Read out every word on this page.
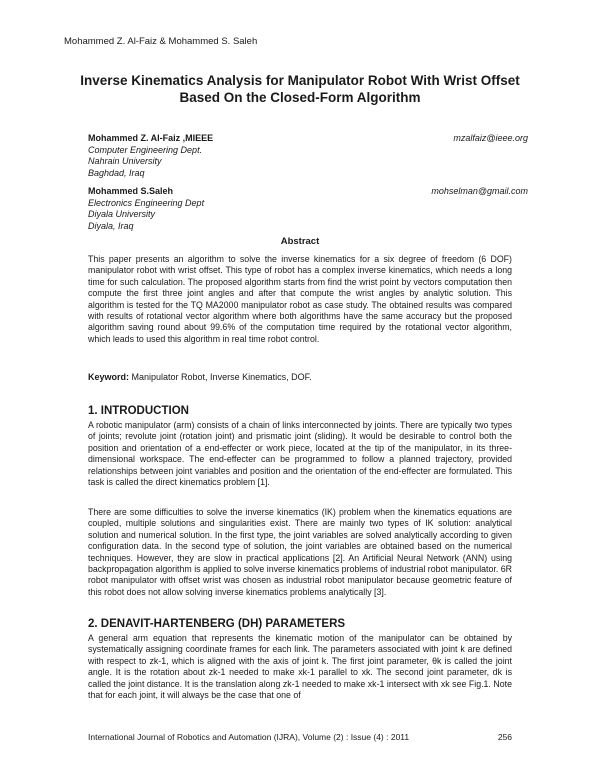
Mohammed Z. Al-Faiz & Mohammed S. Saleh
Inverse Kinematics Analysis for Manipulator Robot With Wrist Offset Based On the Closed-Form Algorithm
Mohammed Z. Al-Faiz ,MIEEE	mzalfaiz@ieee.org
Computer Engineering Dept.
Nahrain University
Baghdad, Iraq
Mohammed S.Saleh	mohselman@gmail.com
Electronics Engineering Dept
Diyala University
Diyala, Iraq
Abstract

This paper presents an algorithm to solve the inverse kinematics for a six degree of freedom (6 DOF) manipulator robot with wrist offset. This type of robot has a complex inverse kinematics, which needs a long time for such calculation. The proposed algorithm starts from find the wrist point by vectors computation then compute the first three joint angles and after that compute the wrist angles by analytic solution. This algorithm is tested for the TQ MA2000 manipulator robot as case study. The obtained results was compared with results of rotational vector algorithm where both algorithms have the same accuracy but the proposed algorithm saving round about 99.6% of the computation time required by the rotational vector algorithm, which leads to used this algorithm in real time robot control.

Keyword: Manipulator Robot, Inverse Kinematics, DOF.

1. INTRODUCTION

A robotic manipulator (arm) consists of a chain of links interconnected by joints. There are typically two types of joints; revolute joint (rotation joint) and prismatic joint (sliding). It would be desirable to control both the position and orientation of a end-effecter or work piece, located at the tip of the manipulator, in its three-dimensional workspace. The end-effecter can be programmed to follow a planned trajectory, provided relationships between joint variables and position and the orientation of the end-effecter are formulated. This task is called the direct kinematics problem [1].

There are some difficulties to solve the inverse kinematics (IK) problem when the kinematics equations are coupled, multiple solutions and singularities exist. There are mainly two types of IK solution: analytical solution and numerical solution. In the first type, the joint variables are solved analytically according to given configuration data. In the second type of solution, the joint variables are obtained based on the numerical techniques. However, they are slow in practical applications [2]. An Artificial Neural Network (ANN) using backpropagation algorithm is applied to solve inverse kinematics problems of industrial robot manipulator. 6R robot manipulator with offset wrist was chosen as industrial robot manipulator because geometric feature of this robot does not allow solving inverse kinematics problems analytically [3].

2. DENAVIT-HARTENBERG (DH) PARAMETERS

A general arm equation that represents the kinematic motion of the manipulator can be obtained by systematically assigning coordinate frames for each link. The parameters associated with joint k are defined with respect to zk-1, which is aligned with the axis of joint k. The first joint parameter, θk is called the joint angle. It is the rotation about zk-1 needed to make xk-1 parallel to xk. The second joint parameter, dk is called the joint distance. It is the translation along zk-1 needed to make xk-1 intersect with xk see Fig.1. Note that for each joint, it will always be the case that one of

International Journal of Robotics and Automation (IJRA), Volume (2) : Issue (4) : 2011	256
